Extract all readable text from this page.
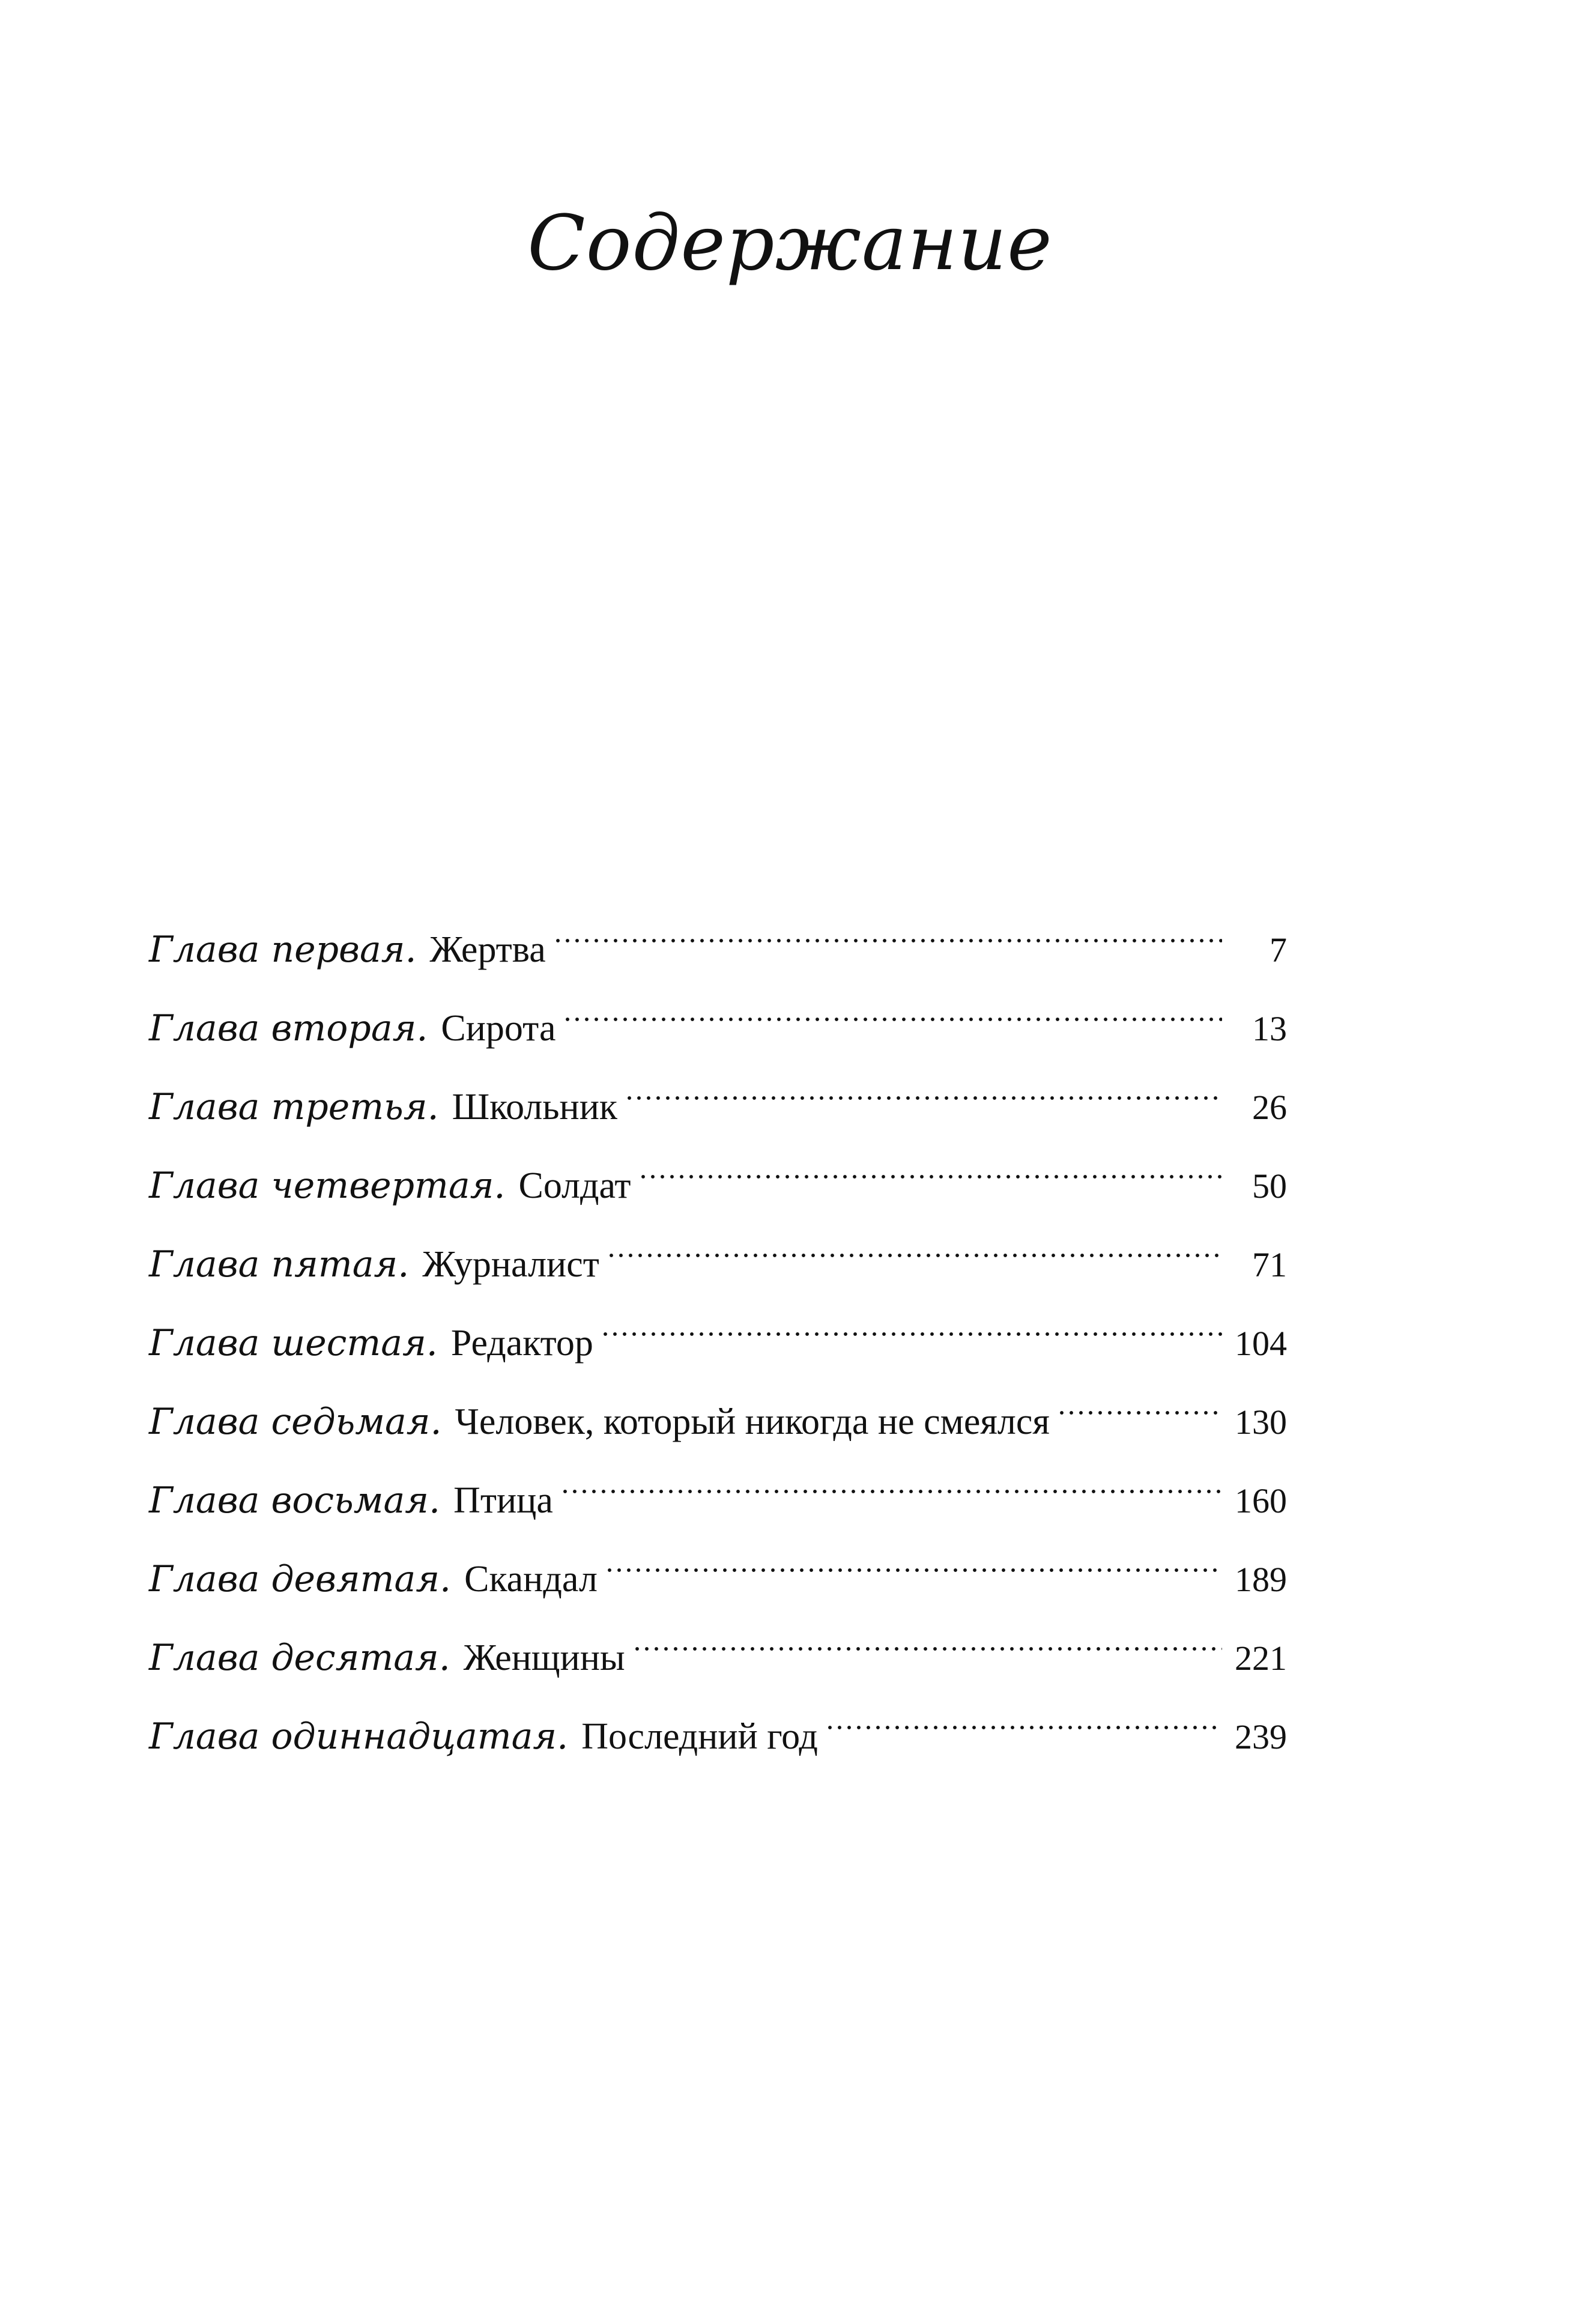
Содержание
Глава первая. Жертва	7
Глава вторая. Сирота	13
Глава третья. Школьник	26
Глава четвертая. Солдат	50
Глава пятая. Журналист	71
Глава шестая. Редактор	104
Глава седьмая. Человек, который никогда не смеялся	130
Глава восьмая. Птица	160
Глава девятая. Скандал	189
Глава десятая. Женщины	221
Глава одиннадцатая. Последний год	239
